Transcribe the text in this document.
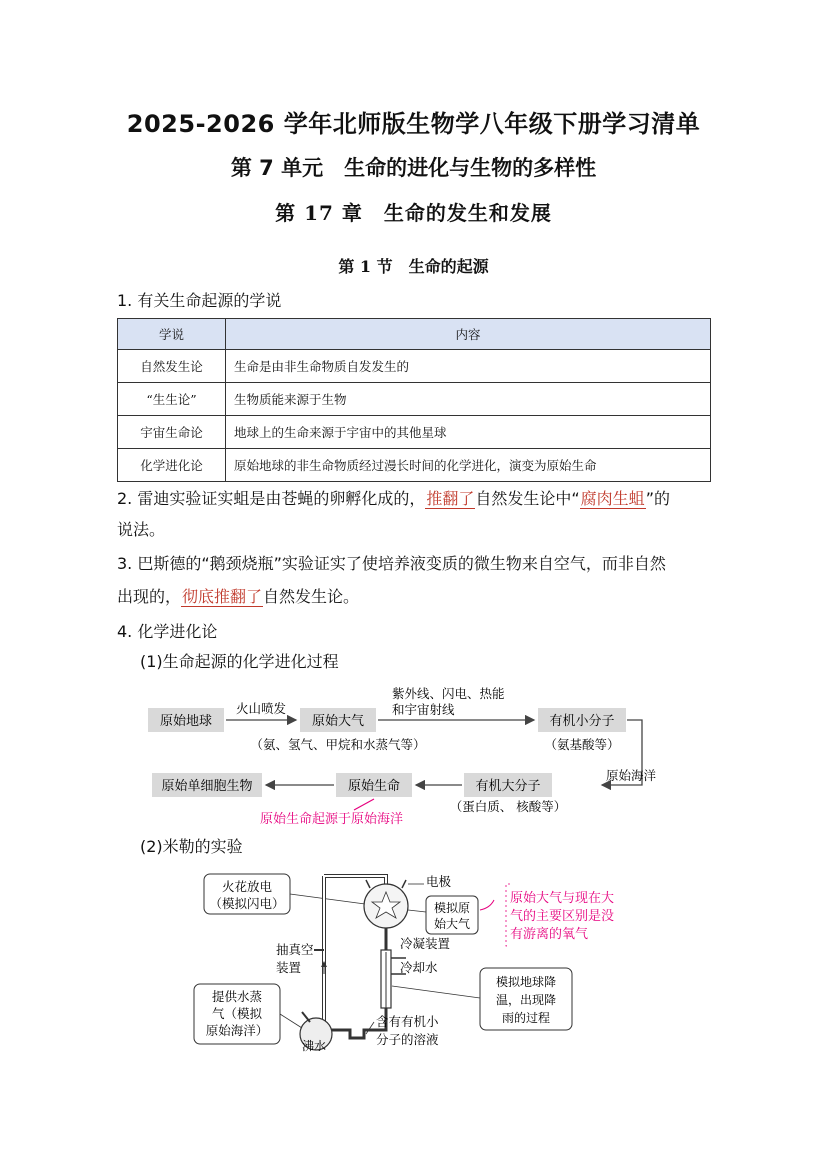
2025-2026 学年北师版生物学八年级下册学习清单
第 7 单元　生命的进化与生物的多样性
第 17 章　生命的发生和发展
第 1 节　生命的起源
1. 有关生命起源的学说
学说	内容
自然发生论	生命是由非生命物质自发发生的
“生生论”	生物质能来源于生物
宇宙生命论	地球上的生命来源于宇宙中的其他星球
化学进化论	原始地球的非生命物质经过漫长时间的化学进化，演变为原始生命
2. 雷迪实验证实蛆是由苍蝇的卵孵化成的，推翻了自然发生论中“腐肉生蛆”的
说法。
3. 巴斯德的“鹅颈烧瓶”实验证实了使培养液变质的微生物来自空气，而非自然
出现的，彻底推翻了自然发生论。
4. 化学进化论
(1)生命起源的化学进化过程
原始地球	原始大气	有机小分子
火山喷发
紫外线、闪电、热能
和宇宙射线
（氨、氢气、甲烷和水蒸气等）	（氨基酸等）
原始海洋
有机大分子
原始生命
原始单细胞生物
（蛋白质、 核酸等）
原始生命起源于原始海洋
(2)米勒的实验
火花放电
（模拟闪电）
电极
模拟原
始大气
原始大气与现在大
气的主要区别是没
有游离的氧气
抽真空
装置
冷凝装置
冷却水
模拟地球降
温，出现降
雨的过程
沸水
提供水蒸
气（模拟
原始海洋）
含有有机小
分子的溶液
